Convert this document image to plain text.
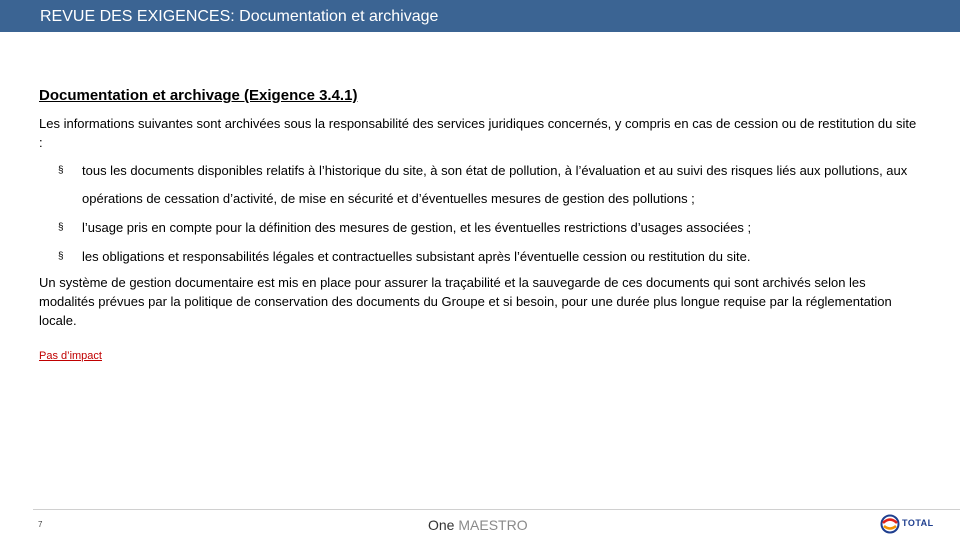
REVUE DES EXIGENCES: Documentation et archivage
Documentation et archivage (Exigence 3.4.1)

Les informations suivantes sont archivées sous la responsabilité des services juridiques concernés, y compris en cas de cession ou de restitution du site :

§ tous les documents disponibles relatifs à l’historique du site, à son état de pollution, à l’évaluation et au suivi des risques liés aux pollutions, aux opérations de cessation d’activité, de mise en sécurité et d’éventuelles mesures de gestion des pollutions ;
§ l’usage pris en compte pour la définition des mesures de gestion, et les éventuelles restrictions d’usages associées ;
§ les obligations et responsabilités légales et contractuelles subsistant après l’éventuelle cession ou restitution du site.

Un système de gestion documentaire est mis en place pour assurer la traçabilité et la sauvegarde de ces documents qui sont archivés selon les modalités prévues par la politique de conservation des documents du Groupe et si besoin, pour une durée plus longue requise par la réglementation locale.

Pas d’impact
7	One MAESTRO	TOTAL
